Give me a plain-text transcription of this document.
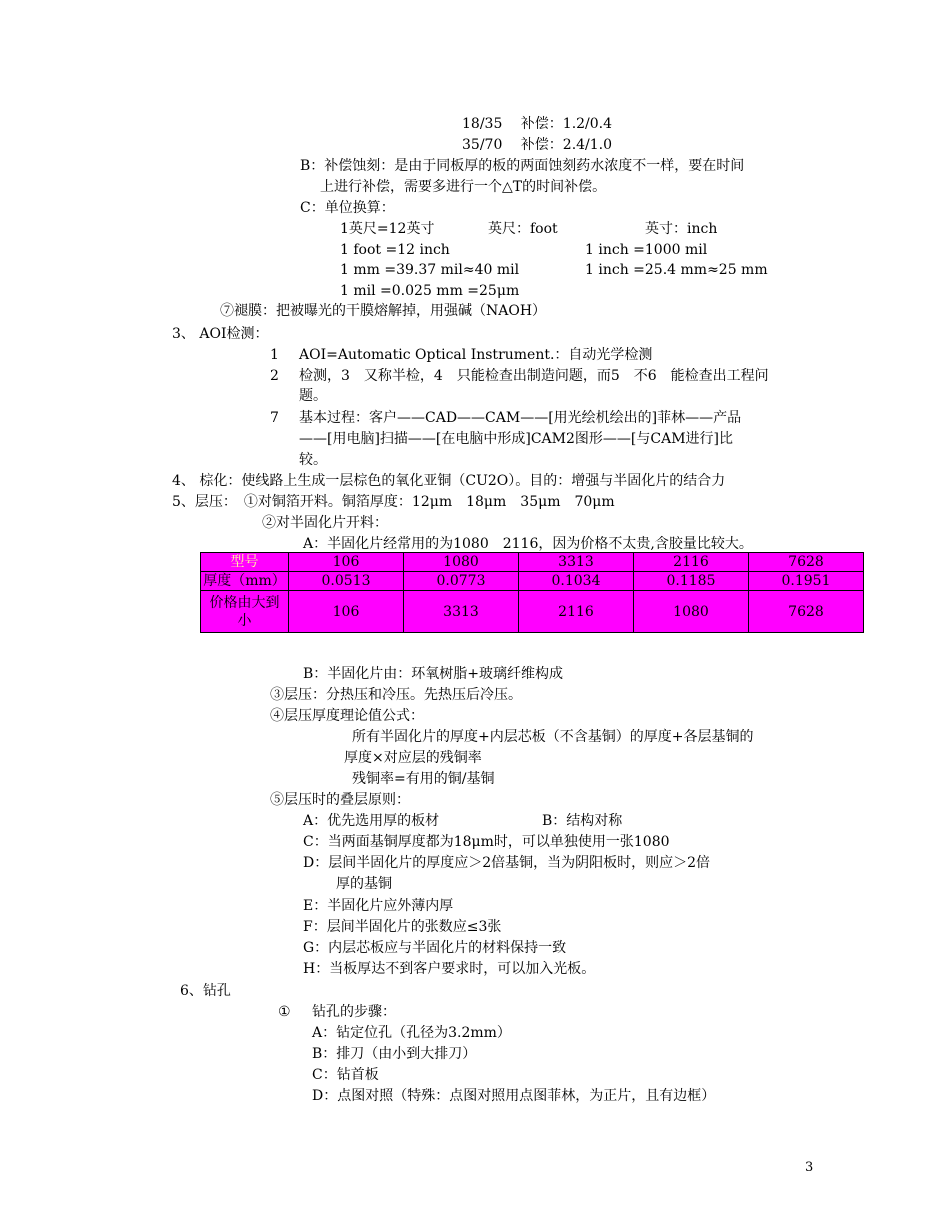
18/35　 补偿：1.2/0.4
35/70　 补偿：2.4/1.0
B：补偿蚀刻：是由于同板厚的板的两面蚀刻药水浓度不一样，要在时间
上进行补偿，需要多进行一个△T的时间补偿。
C：单位换算：
1英尺=12英寸	英尺：foot	英寸：inch
1 foot =12 inch	1 inch =1000 mil
1 mm =39.37 mil≈40 mil	1 inch =25.4 mm≈25 mm
1 mil =0.025 mm =25μm
⑦褪膜：把被曝光的干膜熔解掉，用强碱（NAOH）
3、 AOI检测：
1 AOI=Automatic Optical Instrument.：自动光学检测
2 检测，3　又称半检，4　只能检查出制造问题，而5　不6　能检查出工程问
题。
7 基本过程：客户——CAD——CAM——[用光绘机绘出的]菲林——产品
——[用电脑]扫描——[在电脑中形成]CAM2图形——[与CAM进行]比
较。
4、 棕化：使线路上生成一层棕色的氧化亚铜（CU2O）。目的：增强与半固化片的结合力
5、层压：　①对铜箔开料。铜箔厚度：12μm　18μm　35μm　70μm
②对半固化片开料：
A：半固化片经常用的为1080　2116，因为价格不太贵,含胶量比较大。
型号	106	1080	3313	2116	7628
厚度（mm）	0.0513	0.0773	0.1034	0.1185	0.1951
价格由大到小	106	3313	2116	1080	7628
B：半固化片由：环氧树脂+玻璃纤维构成
③层压：分热压和冷压。先热压后冷压。
④层压厚度理论值公式：
所有半固化片的厚度+内层芯板（不含基铜）的厚度+各层基铜的
厚度×对应层的残铜率
残铜率=有用的铜/基铜
⑤层压时的叠层原则：
A：优先选用厚的板材	B：结构对称
C：当两面基铜厚度都为18μm时，可以单独使用一张1080
D：层间半固化片的厚度应＞2倍基铜，当为阴阳板时，则应＞2倍
厚的基铜
E：半固化片应外薄内厚
F：层间半固化片的张数应≤3张
G：内层芯板应与半固化片的材料保持一致
H：当板厚达不到客户要求时，可以加入光板。
6、钻孔
① 钻孔的步骤：
A：钻定位孔（孔径为3.2mm）
B：排刀（由小到大排刀）
C：钻首板
D：点图对照（特殊：点图对照用点图菲林，为正片，且有边框）
3
